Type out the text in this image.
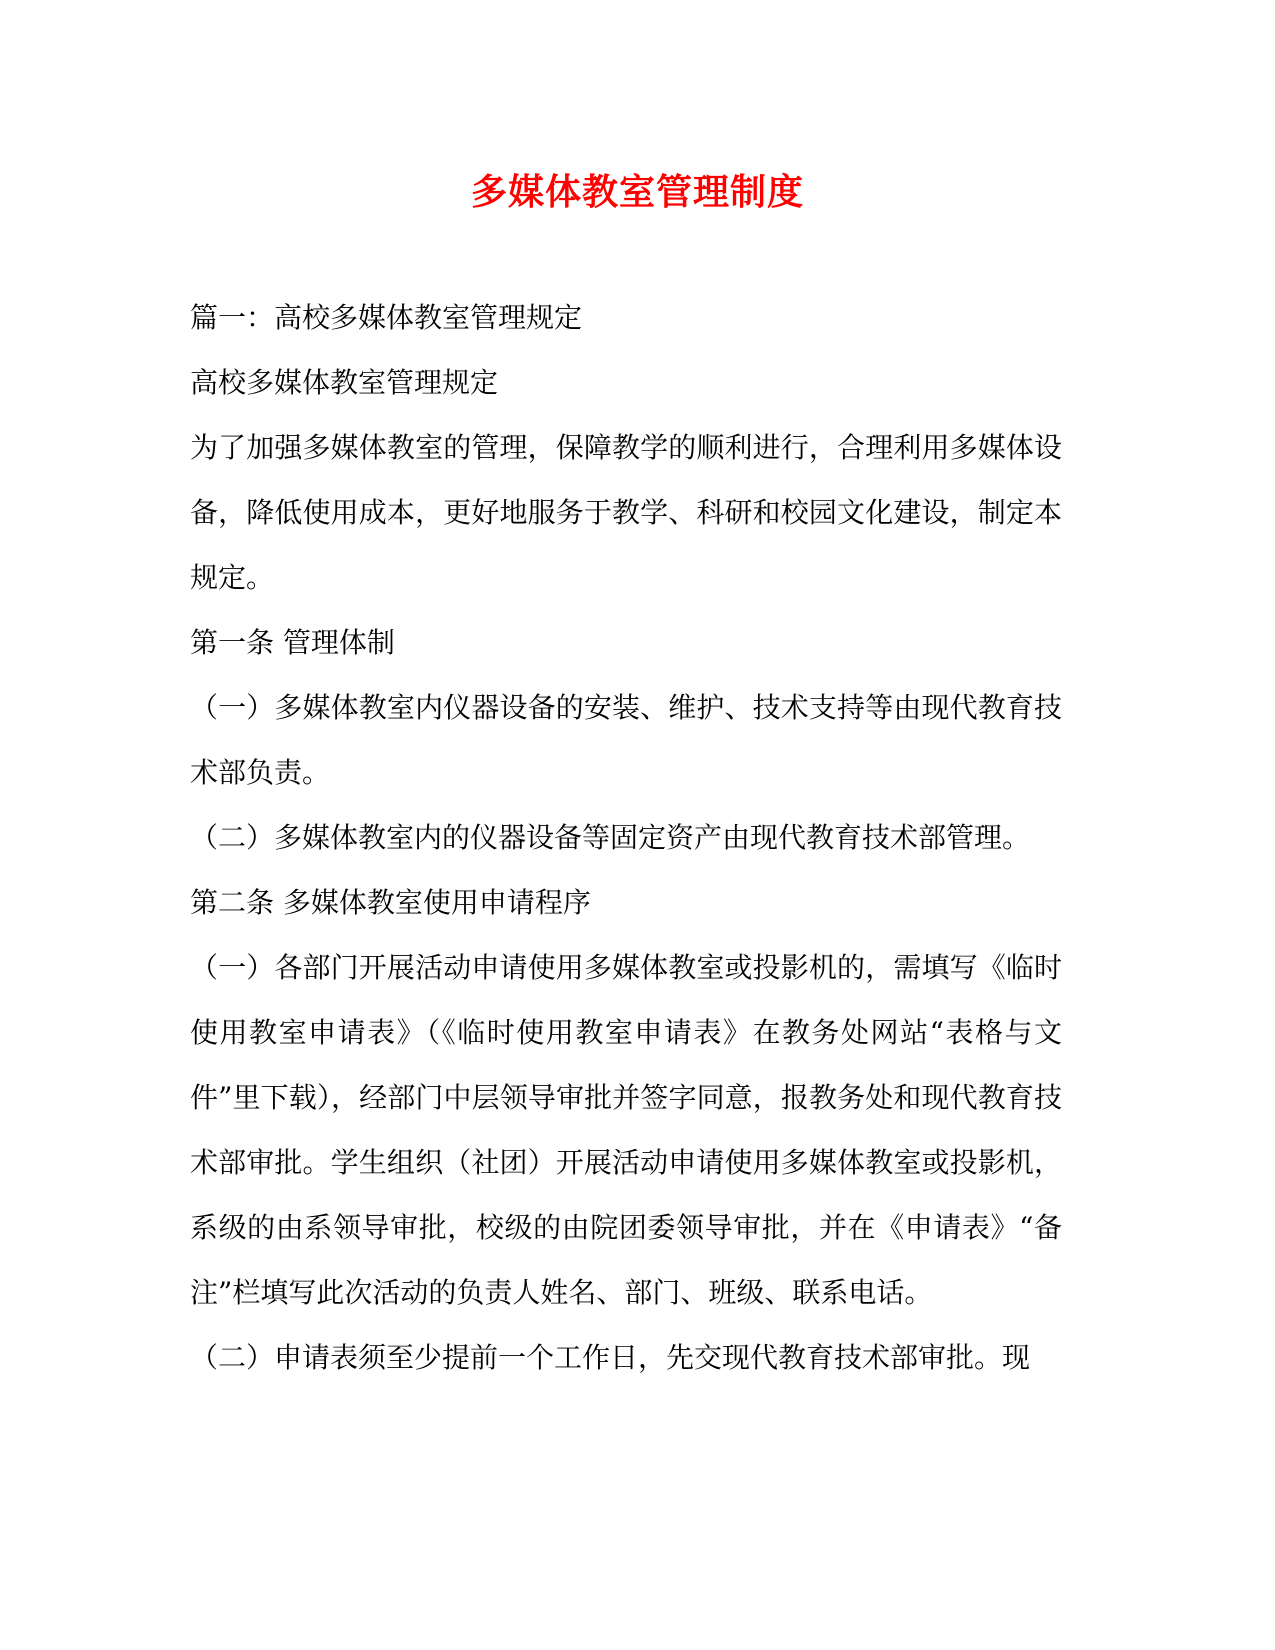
多媒体教室管理制度

篇一：高校多媒体教室管理规定

高校多媒体教室管理规定

为了加强多媒体教室的管理，保障教学的顺利进行，合理利用多媒体设备，降低使用成本，更好地服务于教学、科研和校园文化建设，制定本规定。

第一条 管理体制

（一）多媒体教室内仪器设备的安装、维护、技术支持等由现代教育技术部负责。

（二）多媒体教室内的仪器设备等固定资产由现代教育技术部管理。

第二条 多媒体教室使用申请程序

（一）各部门开展活动申请使用多媒体教室或投影机的，需填写《临时使用教室申请表》（《临时使用教室申请表》在教务处网站“表格与文件”里下载），经部门中层领导审批并签字同意，报教务处和现代教育技术部审批。学生组织（社团）开展活动申请使用多媒体教室或投影机，系级的由系领导审批，校级的由院团委领导审批，并在《申请表》“备注”栏填写此次活动的负责人姓名、部门、班级、联系电话。

（二）申请表须至少提前一个工作日，先交现代教育技术部审批。现
